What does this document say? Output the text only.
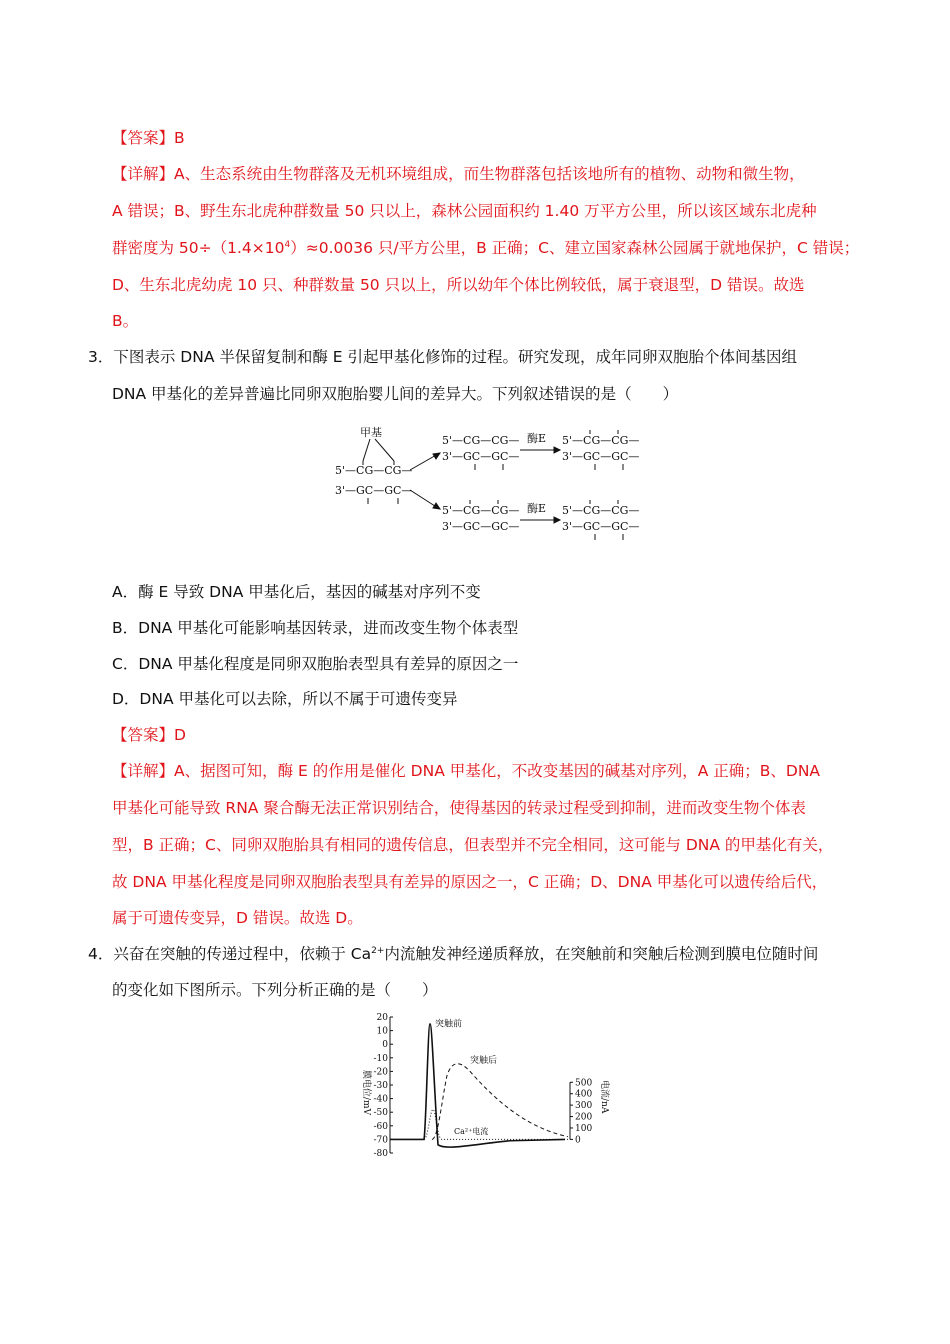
【答案】B
【详解】A、生态系统由生物群落及无机环境组成，而生物群落包括该地所有的植物、动物和微生物，
A 错误；B、野生东北虎种群数量 50 只以上，森林公园面积约 1.40 万平方公里，所以该区域东北虎种
群密度为 $50\div(1.4\times 10^4)\approx 0.0036$ 只/平方公里，B 正确；C、建立国家森林公园属于就地保护，C 错误；
D、生东北虎幼虎 10 只、种群数量 50 只以上，所以幼年个体比例较低，属于衰退型，D 错误。故选
B。
3．下图表示 DNA 半保留复制和酶 E 引起甲基化修饰的过程。研究发现，成年同卵双胞胎个体间基因组
DNA 甲基化的差异普遍比同卵双胞胎婴儿间的差异大。下列叙述错误的是（　　）
甲基
5'—CG—CG—
3'—GC—GC—
5'—CG—CG—
3'—GC—GC—
5'—CG—CG—
3'—GC—GC—
5'—CG—CG—
3'—GC—GC—
5'—CG—CG—
3'—GC—GC—
酶E
酶E
A．酶 E 导致 DNA 甲基化后，基因的碱基对序列不变
B．DNA 甲基化可能影响基因转录，进而改变生物个体表型
C．DNA 甲基化程度是同卵双胞胎表型具有差异的原因之一
D．DNA 甲基化可以去除，所以不属于可遗传变异
【答案】D
【详解】A、据图可知，酶 E 的作用是催化 DNA 甲基化，不改变基因的碱基对序列，A 正确；B、DNA
甲基化可能导致 RNA 聚合酶无法正常识别结合，使得基因的转录过程受到抑制，进而改变生物个体表
型，B 正确；C、同卵双胞胎具有相同的遗传信息，但表型并不完全相同，这可能与 DNA 的甲基化有关，
故 DNA 甲基化程度是同卵双胞胎表型具有差异的原因之一，C 正确；D、DNA 甲基化可以遗传给后代，
属于可遗传变异，D 错误。故选 D。
4．兴奋在突触的传递过程中，依赖于 $Ca^{2+}$内流触发神经递质释放，在突触前和突触后检测到膜电位随时间
的变化如下图所示。下列分析正确的是（　　）
20
10
0
-10
-20
-30
-40
-50
-60
-70
-80
500
400
300
200
100
0
膜电位/mV	电流/nA
突触前
突触后
Ca²⁺电流
